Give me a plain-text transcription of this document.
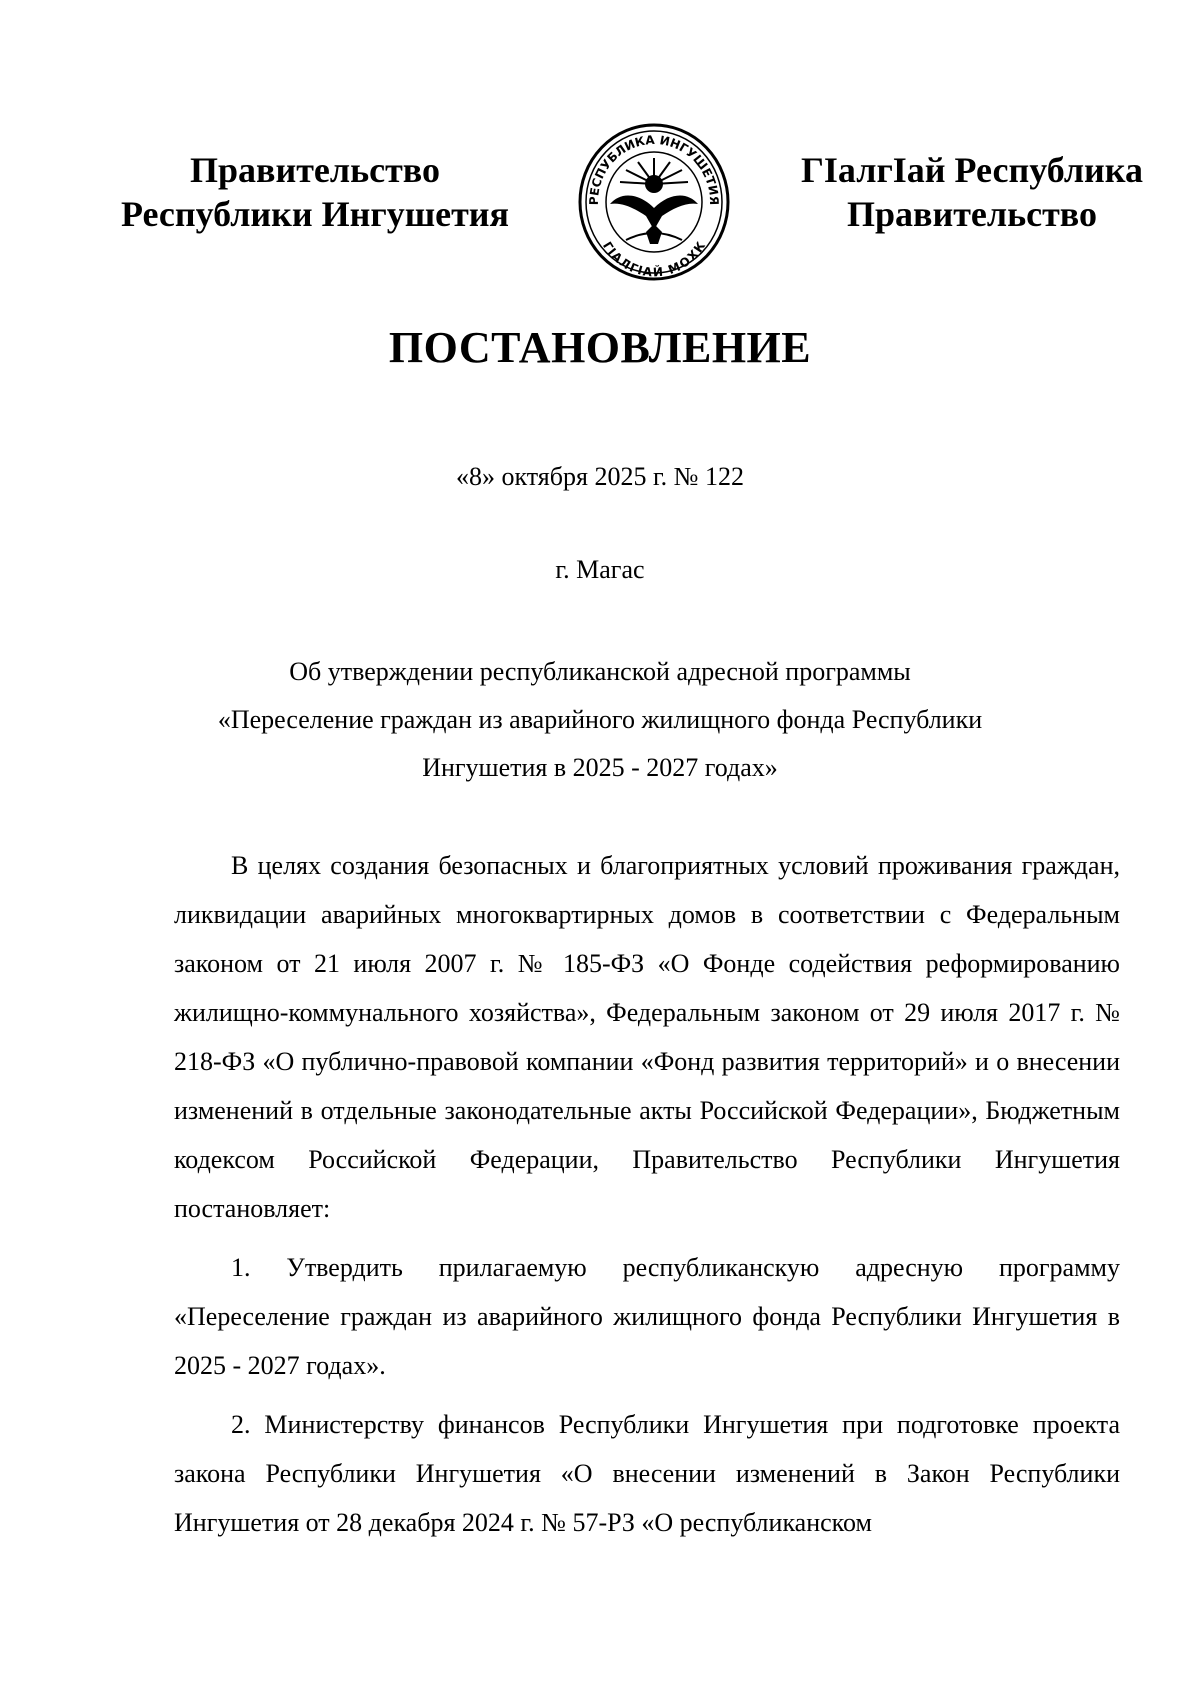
Правительство
Республики Ингушетия	РЕСПУБЛИКА ИНГУШЕТИЯ
ГIАЛГIАЙ МОХК
ГIалгIай Республика
Правительство
ПОСТАНОВЛЕНИЕ
«8» октября 2025 г. № 122
г. Магас
Об утверждении республиканской адресной программы
«Переселение граждан из аварийного жилищного фонда Республики
Ингушетия в 2025 - 2027 годах»

В целях создания безопасных и благоприятных условий проживания граждан, ликвидации аварийных многоквартирных домов в соответствии с Федеральным законом от 21 июля 2007 г. № 185-ФЗ «О Фонде содействия реформированию жилищно-коммунального хозяйства», Федеральным законом от 29 июля 2017 г. № 218-ФЗ «О публично-правовой компании «Фонд развития территорий» и о внесении изменений в отдельные законодательные акты Российской Федерации», Бюджетным кодексом Российской Федерации, Правительство Республики Ингушетия постановляет:

1. Утвердить прилагаемую республиканскую адресную программу «Переселение граждан из аварийного жилищного фонда Республики Ингушетия в 2025 - 2027 годах».

2. Министерству финансов Республики Ингушетия при подготовке проекта закона Республики Ингушетия «О внесении изменений в Закон Республики Ингушетия от 28 декабря 2024 г. № 57-РЗ «О республиканском
